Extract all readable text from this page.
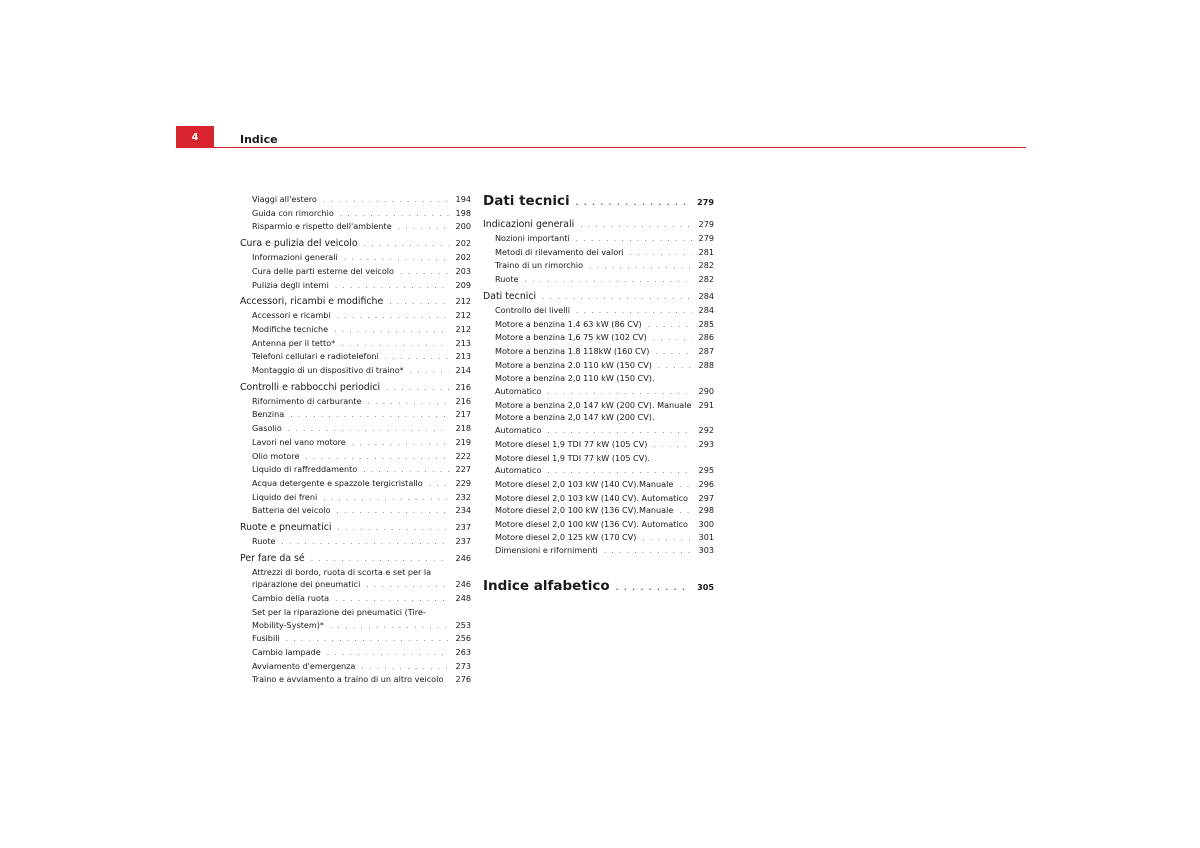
4	Indice
Viaggi all'estero . . .	194
Guida con rimorchio . . .	198
Risparmio e rispetto dell'ambiente . . .	200
Cura e pulizia del veicolo . . .	202
Informazioni generali . . .	202
Cura delle parti esterne del veicolo . . .	203
Pulizia degli interni . . .	209
Accessori, ricambi e modifiche . . .	212
Accessori e ricambi . . .	212
Modifiche tecniche . . .	212
Antenna per il tetto* . . .	213
Telefoni cellulari e radiotelefoni . . .	213
Montaggio di un dispositivo di traino* . . .	214
Controlli e rabbocchi periodici . . .	216
Rifornimento di carburante . . .	216
Benzina . . .	217
Gasolio . . .	218
Lavori nel vano motore . . .	219
Olio motore . . .	222
Liquido di raffreddamento . . .	227
Acqua detergente e spazzole tergicristallo . . .	229
Liquido dei freni . . .	232
Batteria del veicolo . . .	234
Ruote e pneumatici . . .	237
Ruote . . .	237
Per fare da sé . . .	246
Attrezzi di bordo, ruota di scorta e set per la
riparazione dei pneumatici . . .	246
Cambio della ruota . . .	248
Set per la riparazione dei pneumatici (Tire-
Mobility-System)* . . .	253
Fusibili . . .	256
Cambio lampade . . .	263
Avviamento d'emergenza . . .	273
Traino e avviamento a traino di un altro veicolo 276
Dati tecnici . . .	279
Indicazioni generali . . .	279
Nozioni importanti . . .	279
Metodi di rilevamento dei valori . . .	281
Traino di un rimorchio . . .	282
Ruote . . .	282
Dati tecnici . . .	284
Controllo dei livelli . . .	284
Motore a benzina 1.4 63 kW (86 CV) . . .	285
Motore a benzina 1,6 75 kW (102 CV) . . .	286
Motore a benzina 1.8 118kW (160 CV) . . .	287
Motore a benzina 2.0 110 kW (150 CV) . . .	288
Motore a benzina 2,0 110 kW (150 CV).
Automatico . . .	290
Motore a benzina 2,0 147 kW (200 CV). Manuale 291
Motore a benzina 2,0 147 kW (200 CV).
Automatico . . .	292
Motore diesel 1,9 TDI 77 kW (105 CV) . . .	293
Motore diesel 1,9 TDI 77 kW (105 CV).
Automatico . . .	295
Motore diesel 2,0 103 kW (140 CV).Manuale . . .	296
Motore diesel 2,0 103 kW (140 CV). Automatico 297
Motore diesel 2,0 100 kW (136 CV).Manuale . . .	298
Motore diesel 2,0 100 kW (136 CV). Automatico 300
Motore diesel 2,0 125 kW (170 CV) . . .	301
Dimensioni e rifornimenti . . .	303
Indice alfabetico . . .	305
